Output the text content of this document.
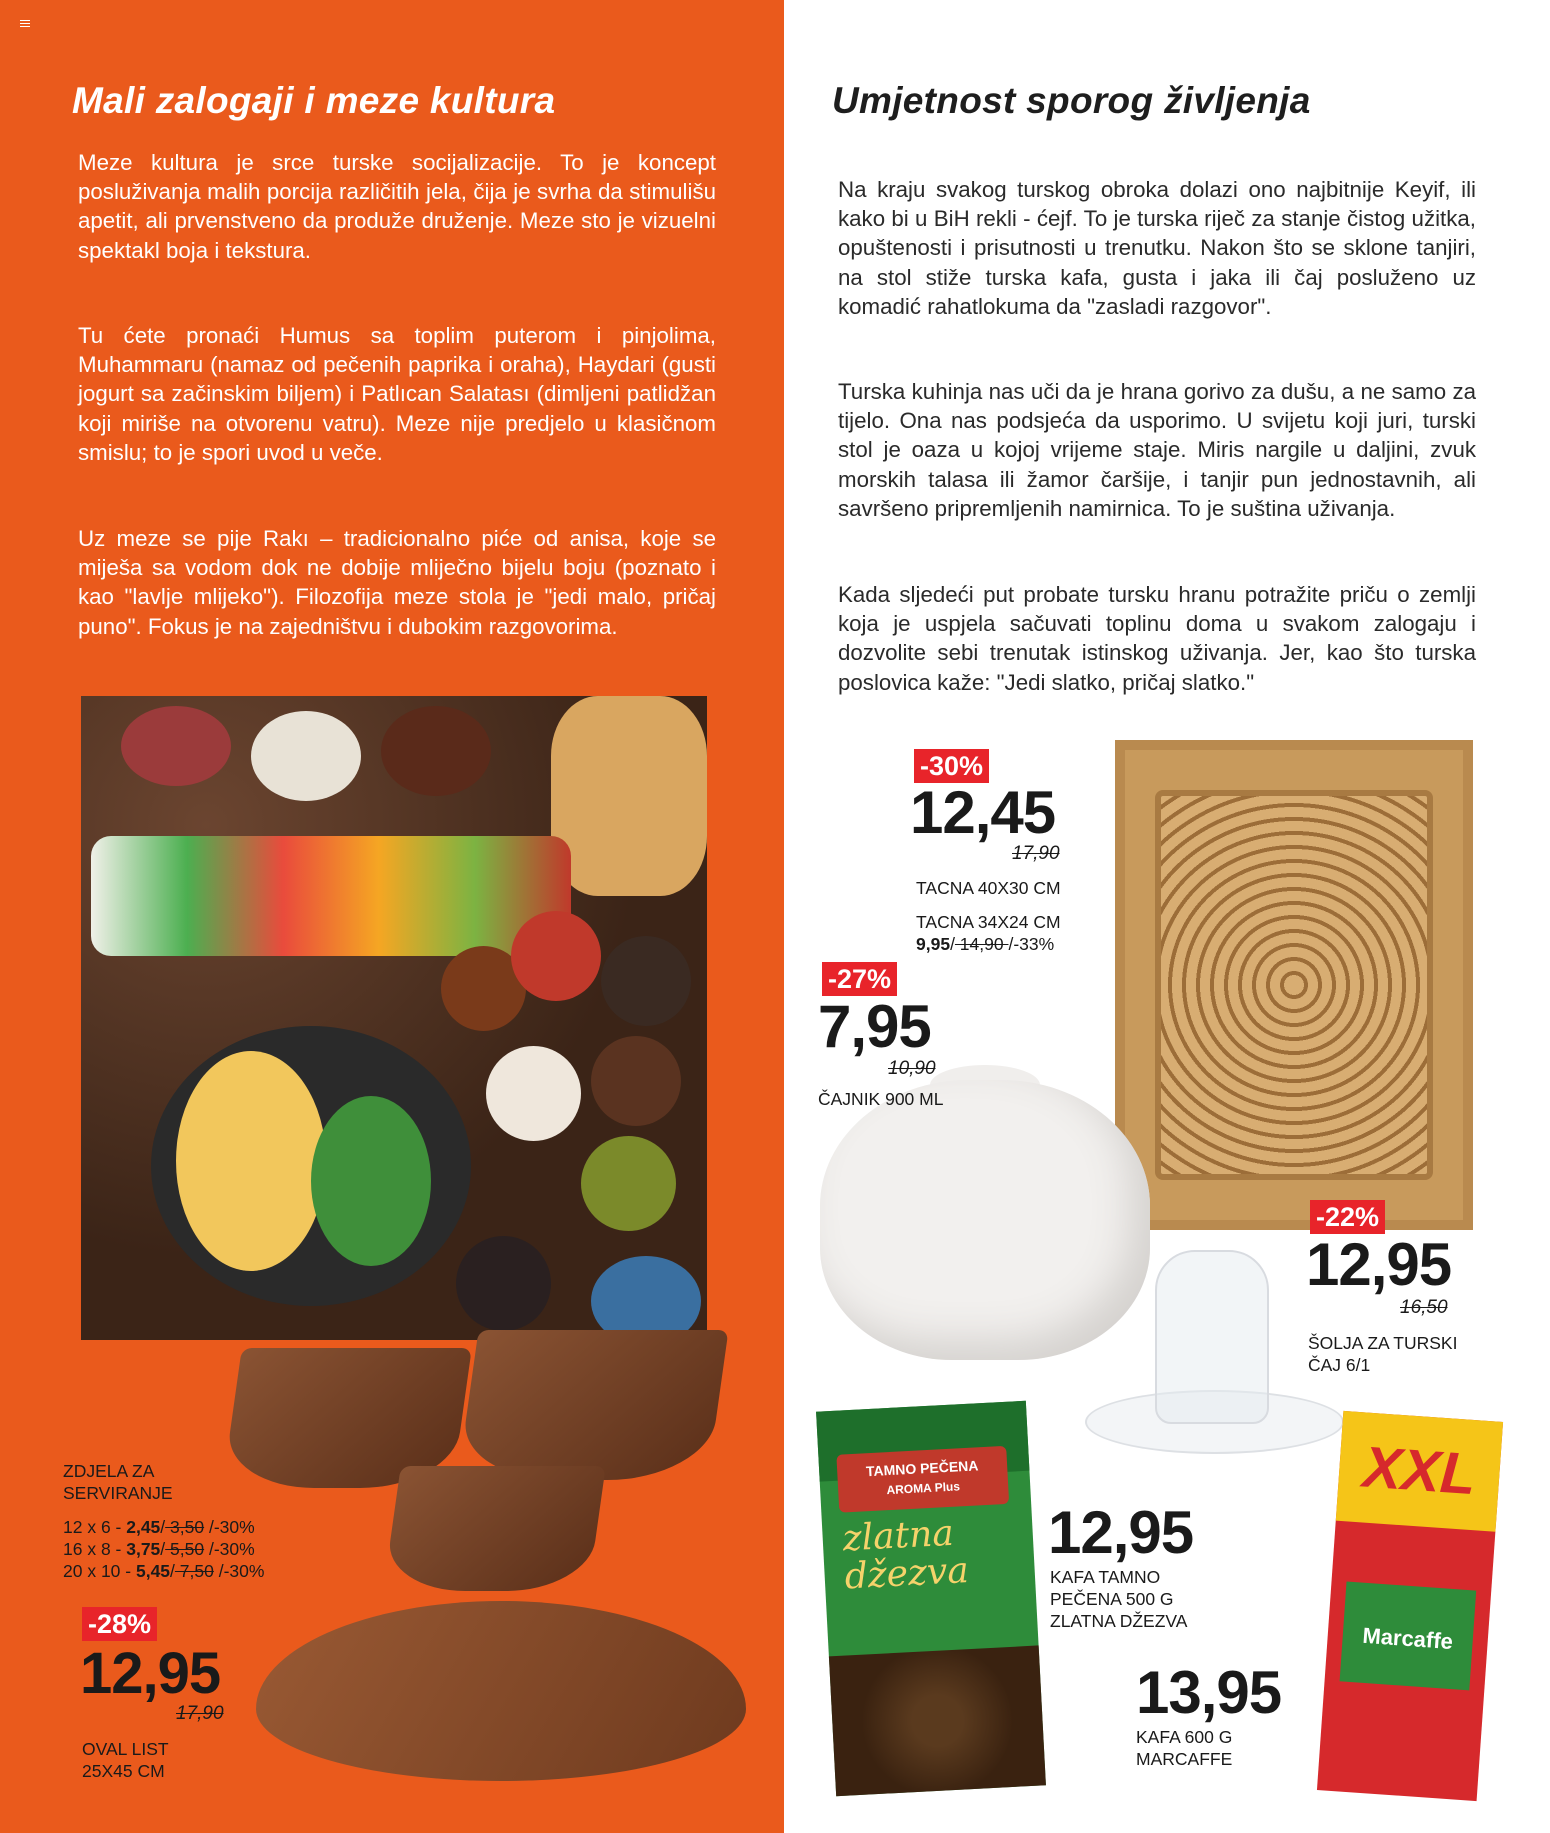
Mali zalogaji i meze kultura

Meze kultura je srce turske socijalizacije. To je koncept posluživanja malih porcija različitih jela, čija je svrha da stimulišu apetit, ali prvenstveno da produže druženje. Meze sto je vizuelni spektakl boja i tekstura.

Tu ćete pronaći Humus sa toplim puterom i pinjolima, Muhammaru (namaz od pečenih paprika i oraha), Haydari (gusti jogurt sa začinskim biljem) i Patlıcan Salatası (dimljeni patlidžan koji miriše na otvorenu vatru). Meze nije predjelo u klasičnom smislu; to je spori uvod u veče.

Uz meze se pije Rakı – tradicionalno piće od anisa, koje se miješa sa vodom dok ne dobije mliječno bijelu boju (poznato i kao "lavlje mlijeko"). Filozofija meze stola je "jedi malo, pričaj puno". Fokus je na zajedništvu i dubokim razgovorima.

ZDJELA ZA
SERVIRANJE
12 x 6 - 2,45/ 3,50 /-30%
16 x 8 - 3,75/ 5,50 /-30%
20 x 10 - 5,45/ 7,50 /-30%
-28%
12,95
17,90
OVAL LIST
25X45 CM
Umjetnost sporog življenja

Na kraju svakog turskog obroka dolazi ono najbitnije Keyif, ili kako bi u BiH rekli - ćejf. To je turska riječ za stanje čistog užitka, opuštenosti i prisutnosti u trenutku. Nakon što se sklone tanjiri, na stol stiže turska kafa, gusta i jaka ili čaj posluženo uz komadić rahatlokuma da "zasladi razgovor".

Turska kuhinja nas uči da je hrana gorivo za dušu, a ne samo za tijelo. Ona nas podsjeća da usporimo. U svijetu koji juri, turski stol je oaza u kojoj vrijeme staje. Miris nargile u daljini, zvuk morskih talasa ili žamor čaršije, i tanjir pun jednostavnih, ali savršeno pripremljenih namirnica. To je suština uživanja.

Kada sljedeći put probate tursku hranu potražite priču o zemlji koja je uspjela sačuvati toplinu doma u svakom zalogaju i dozvolite sebi trenutak istinskog uživanja. Jer, kao što turska poslovica kaže: "Jedi slatko, pričaj slatko."

-30%
12,45
17,90
TACNA 40X30 CM
TACNA 34X24 CM
9,95/ 14,90 /-33%
-27%
7,95
10,90
ČAJNIK 900 ML
-22%
12,95
16,50
ŠOLJA ZA TURSKI
ČAJ 6/1
TAMNO PEČENA
AROMA Plus
zlatna
džezva
12,95
KAFA TAMNO
PEČENA 500 G
ZLATNA DŽEZVA
XXL
Marcaffe
13,95
KAFA 600 G
MARCAFFE
